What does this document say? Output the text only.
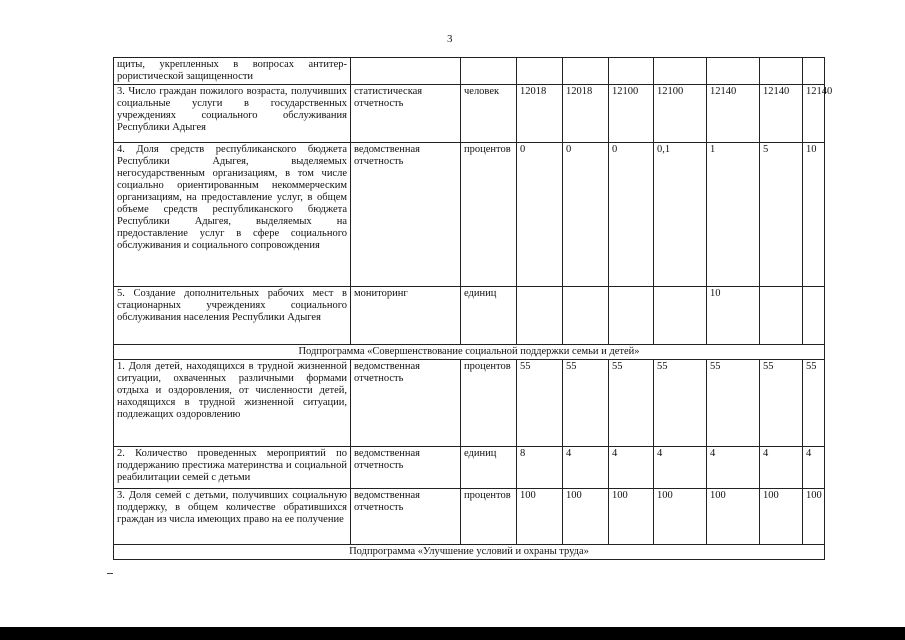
3
щиты, укрепленных в вопросах антитеррористической защищенности									
3. Число граждан пожилого возраста, получивших социальные услуги в государственных учреждениях социального обслуживания Республики Адыгея	статистическая отчетность	человек	12018	12018	12100	12100	12140	12140	12140
4. Доля средств республиканского бюджета Республики Адыгея, выделяемых негосударственным организациям, в том числе социально ориентированным некоммерческим организациям, на предоставление услуг, в общем объеме средств республиканского бюджета Республики Адыгея, выделяемых на предоставление услуг в сфере социального обслуживания и социального сопровождения	ведомственная отчетность	процентов	0	0	0	0,1	1	5	10
5. Создание дополнительных рабочих мест в стационарных учреждениях социального обслуживания населения Республики Адыгея	мониторинг	единиц					10		
Подпрограмма «Совершенствование социальной поддержки семьи и детей»									
1. Доля детей, находящихся в трудной жизненной ситуации, охваченных различными формами отдыха и оздоровления, от численности детей, находящихся в трудной жизненной ситуации, подлежащих оздоровлению	ведомственная отчетность	процентов	55	55	55	55	55	55	55
2. Количество проведенных мероприятий по поддержанию престижа материнства и социальной реабилитации семей с детьми	ведомственная отчетность	единиц	8	4	4	4	4	4	4
3. Доля семей с детьми, получивших социальную поддержку, в общем количестве обратившихся граждан из числа имеющих право на ее получение	ведомственная отчетность	процентов	100	100	100	100	100	100	100
Подпрограмма «Улучшение условий и охраны труда»									
